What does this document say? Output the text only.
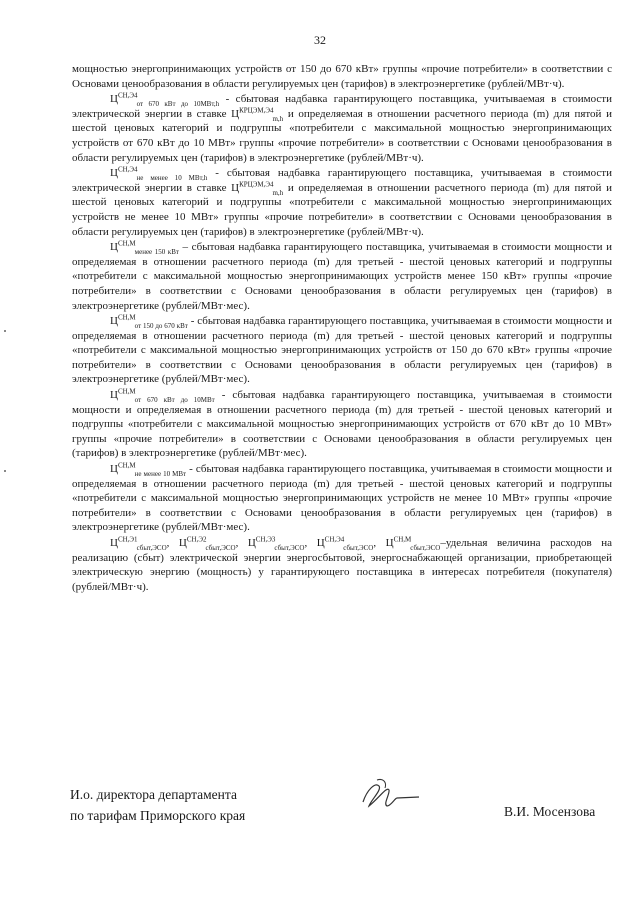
32

мощностью энергопринимающих устройств от 150 до 670 кВт» группы «прочие потребители» в соответствии с Основами ценообразования в области регулируемых цен (тарифов) в электроэнергетике (рублей/МВт·ч).

$Ц^{СН,Э4}_{от 670 кВт до 10МВт,h}$ - сбытовая надбавка гарантирующего поставщика, учитываемая в стоимости электрической энергии в ставке $Ц^{КРЦЭМ,Э4}_{m,h}$ и определяемая в отношении расчетного периода (m) для пятой и шестой ценовых категорий и подгруппы «потребители с максимальной мощностью энергопринимающих устройств от 670 кВт до 10 МВт» группы «прочие потребители» в соответствии с Основами ценообразования в области регулируемых цен (тарифов) в электроэнергетике (рублей/МВт·ч).

$Ц^{СН,Э4}_{не менее 10 МВт,h}$ - сбытовая надбавка гарантирующего поставщика, учитываемая в стоимости электрической энергии в ставке $Ц^{КРЦЭМ,Э4}_{m,h}$ и определяемая в отношении расчетного периода (m) для пятой и шестой ценовых категорий и подгруппы «потребители с максимальной мощностью энергопринимающих устройств не менее 10 МВт» группы «прочие потребители» в соответствии с Основами ценообразования в области регулируемых цен (тарифов) в электроэнергетике (рублей/МВт·ч).

$Ц^{СН,М}_{менее 150 кВт}$ – сбытовая надбавка гарантирующего поставщика, учитываемая в стоимости мощности и определяемая в отношении расчетного периода (m) для третьей - шестой ценовых категорий и подгруппы «потребители с максимальной мощностью энергопринимающих устройств менее 150 кВт» группы «прочие потребители» в соответствии с Основами ценообразования в области регулируемых цен (тарифов) в электроэнергетике (рублей/МВт·мес).

$Ц^{СН,М}_{от 150 до 670 кВт}$ - сбытовая надбавка гарантирующего поставщика, учитываемая в стоимости мощности и определяемая в отношении расчетного периода (m) для третьей - шестой ценовых категорий и подгруппы «потребители с максимальной мощностью энергопринимающих устройств от 150 до 670 кВт» группы «прочие потребители» в соответствии с Основами ценообразования в области регулируемых цен (тарифов) в электроэнергетике (рублей/МВт·мес).

$Ц^{СН,М}_{от 670 кВт до 10МВт}$ - сбытовая надбавка гарантирующего поставщика, учитываемая в стоимости мощности и определяемая в отношении расчетного периода (m) для третьей - шестой ценовых категорий и подгруппы «потребители с максимальной мощностью энергопринимающих устройств от 670 кВт до 10 МВт» группы «прочие потребители» в соответствии с Основами ценообразования в области регулируемых цен (тарифов) в электроэнергетике (рублей/МВт·мес).

$Ц^{СН,М}_{не менее 10 МВт}$ - сбытовая надбавка гарантирующего поставщика, учитываемая в стоимости мощности и определяемая в отношении расчетного периода (m) для третьей - шестой ценовых категорий и подгруппы «потребители с максимальной мощностью энергопринимающих устройств не менее 10 МВт» группы «прочие потребители» в соответствии с Основами ценообразования в области регулируемых цен (тарифов) в электроэнергетике (рублей/МВт·мес).

$Ц^{СН,Э1}_{сбыт,ЭСО}$, $Ц^{СН,Э2}_{сбыт,ЭСО}$, $Ц^{СН,Э3}_{сбыт,ЭСО}$, $Ц^{СН,Э4}_{сбыт,ЭСО}$, $Ц^{СН,М}_{сбыт,ЭСО}$–удельная величина расходов на реализацию (сбыт) электрической энергии энергосбытовой, энергоснабжающей организации, приобретающей электрическую энергию (мощность) у гарантирующего поставщика в интересах потребителя (покупателя) (рублей/МВт·ч).

И.о. директора департамента
по тарифам Приморского края	В.И. Мосензова
